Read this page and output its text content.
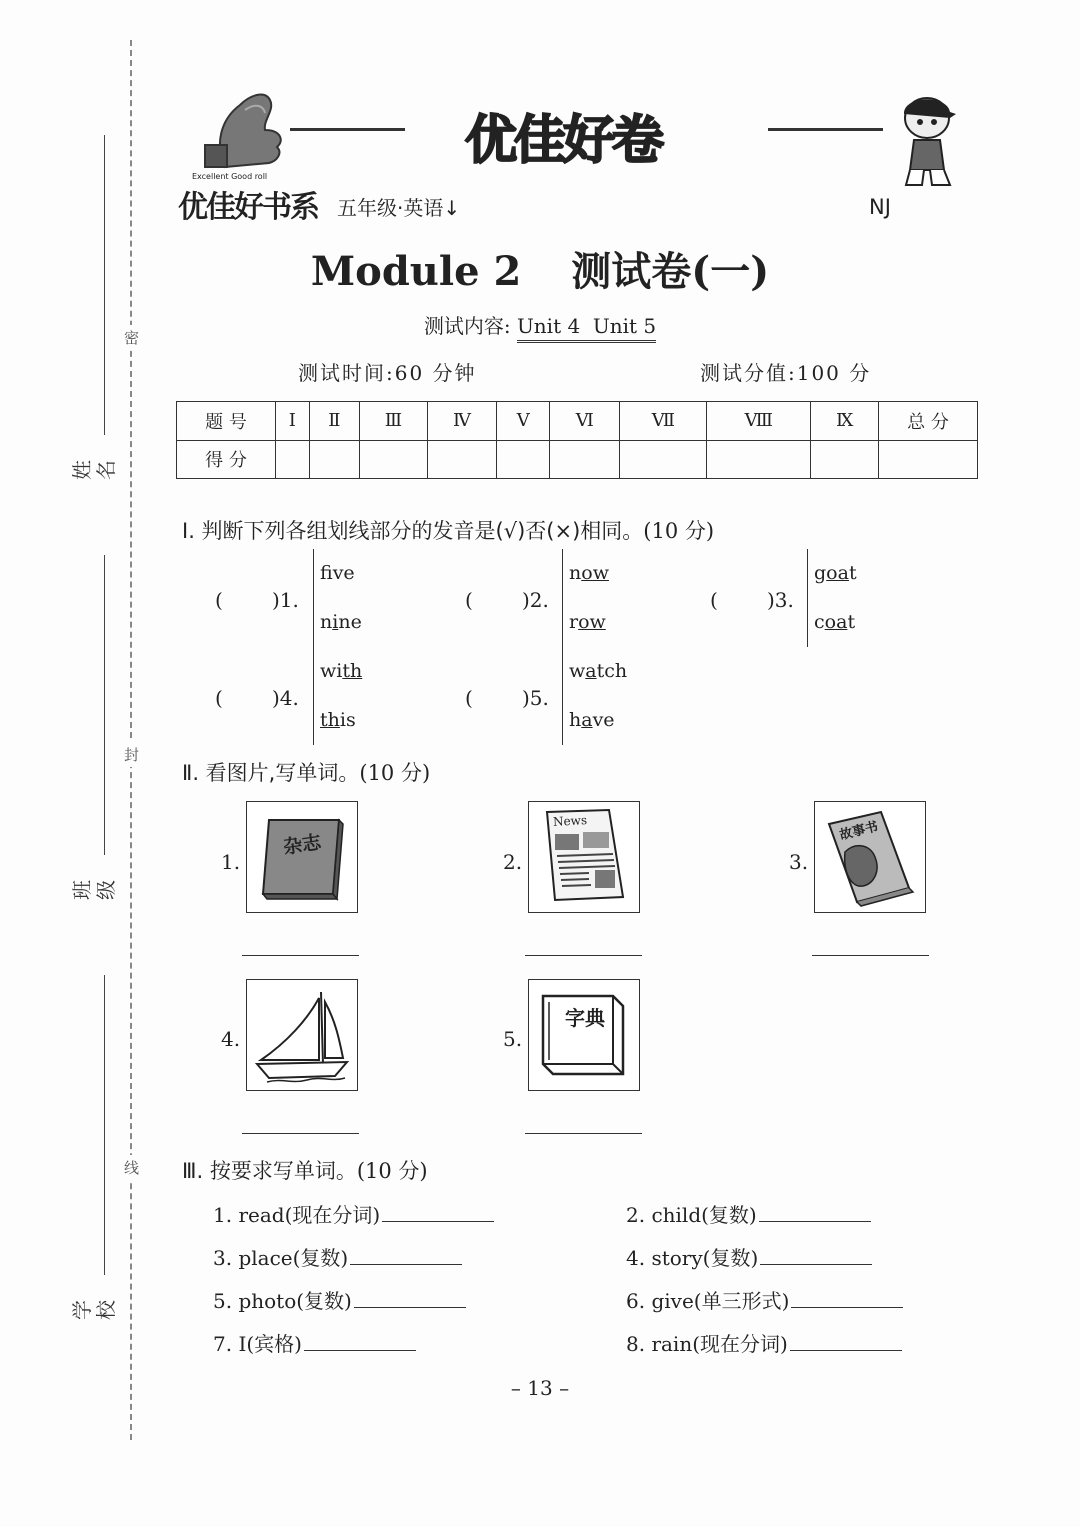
密
封
线
姓名
班级
学校
Excellent Good roll
优佳好书系 五年级·英语↓
优佳好卷
NJ
Module 2 测试卷(一)
测试内容: Unit 4  Unit 5
测试时间:60 分钟	测试分值:100 分
题 号	Ⅰ	Ⅱ	Ⅲ	Ⅳ	Ⅴ	Ⅵ	Ⅶ	Ⅷ	Ⅸ	总 分
得 分										
Ⅰ. 判断下列各组划线部分的发音是(√)否(×)相同。(10 分)
( )1.
fve
nine
( )2.
now
row
( )3.
goat
coat
( )4.
with
this
( )5.
watch
have
Ⅱ. 看图片,写单词。(10 分)
1.
杂志
2.
News
3.
故事书
4.	5.
字典
Ⅲ. 按要求写单词。(10 分)
1. read(现在分词)	2. child(复数)
3. place(复数)	4. story(复数)
5. photo(复数)	6. give(单三形式)
7. I(宾格)	8. rain(现在分词)
– 13 –
